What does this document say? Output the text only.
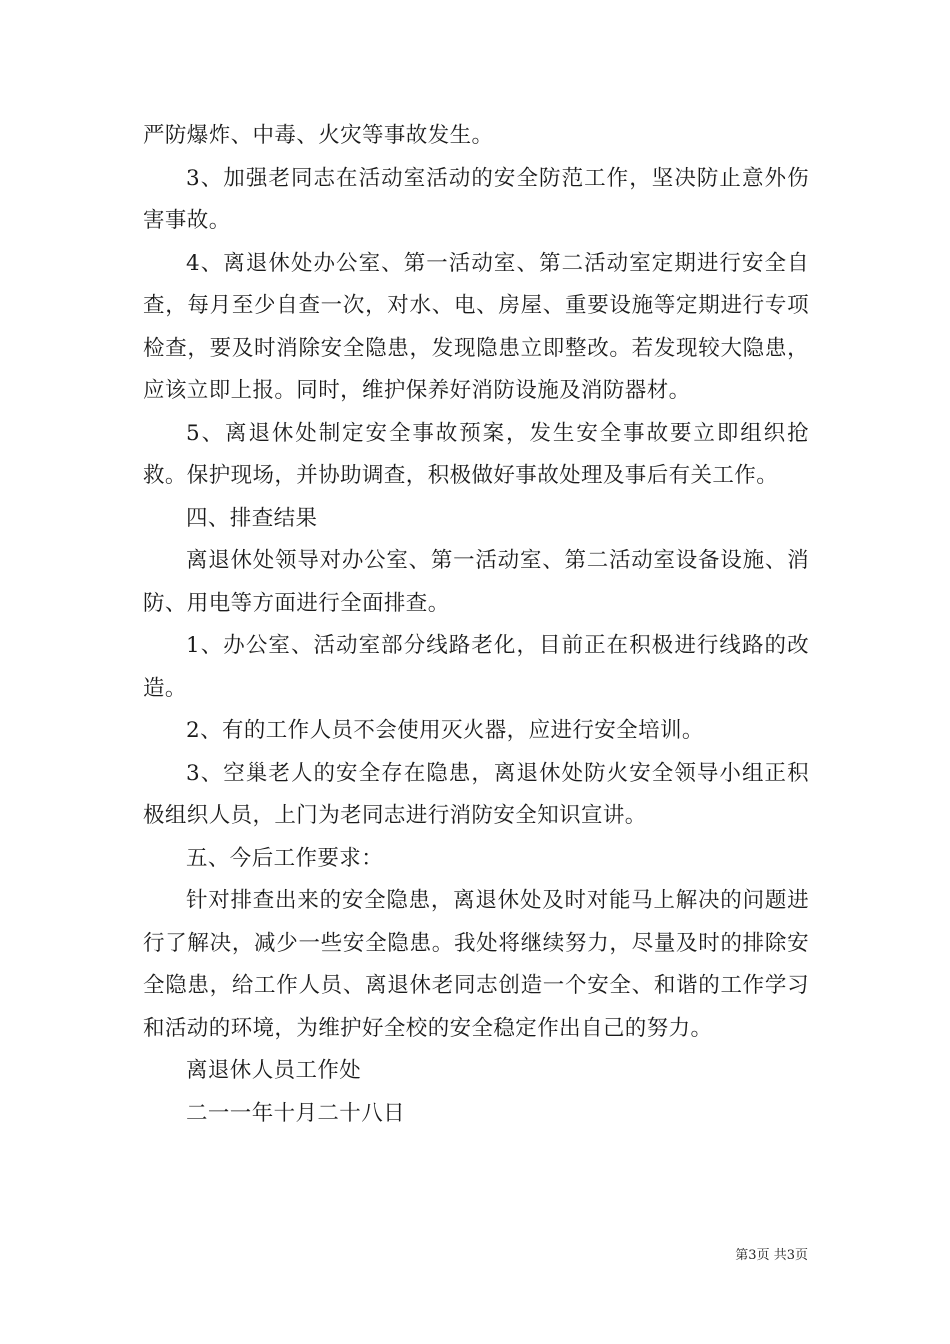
严防爆炸、中毒、火灾等事故发生。

3、加强老同志在活动室活动的安全防范工作，坚决防止意外伤害事故。

4、离退休处办公室、第一活动室、第二活动室定期进行安全自查，每月至少自查一次，对水、电、房屋、重要设施等定期进行专项检查，要及时消除安全隐患，发现隐患立即整改。若发现较大隐患，应该立即上报。同时，维护保养好消防设施及消防器材。

5、离退休处制定安全事故预案，发生安全事故要立即组织抢救。保护现场，并协助调查，积极做好事故处理及事后有关工作。

四、排查结果

离退休处领导对办公室、第一活动室、第二活动室设备设施、消防、用电等方面进行全面排查。

1、办公室、活动室部分线路老化，目前正在积极进行线路的改造。

2、有的工作人员不会使用灭火器，应进行安全培训。

3、空巢老人的安全存在隐患，离退休处防火安全领导小组正积极组织人员，上门为老同志进行消防安全知识宣讲。

五、今后工作要求：

针对排查出来的安全隐患，离退休处及时对能马上解决的问题进行了解决，减少一些安全隐患。我处将继续努力，尽量及时的排除安全隐患，给工作人员、离退休老同志创造一个安全、和谐的工作学习和活动的环境，为维护好全校的安全稳定作出自己的努力。

离退休人员工作处

二一一年十月二十八日

第3页 共3页
